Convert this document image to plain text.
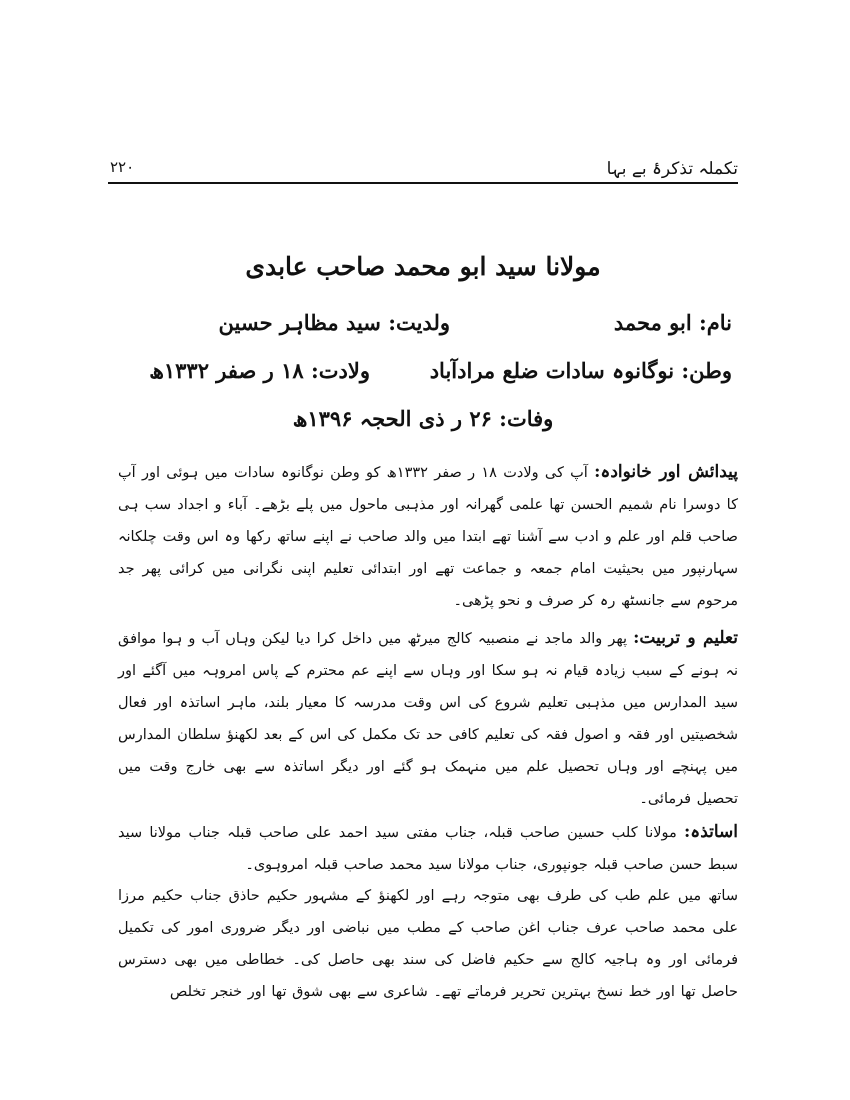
تکملہ تذکرۂ بے بہا
۲۲۰
مولانا سید ابو محمد صاحب عابدی
نام: ابو محمد
ولدیت: سید مظاہر حسین
وطن: نوگانوہ سادات ضلع مرادآباد
ولادت: ۱۸ ر صفر ۱۳۳۲ھ
وفات: ۲۶ ر ذی الحجہ ۱۳۹۶ھ
پیدائش اور خانوادہ: آپ کی ولادت ۱۸ ر صفر ۱۳۳۲ھ کو وطن نوگانوہ سادات میں ہوئی اور آپ کا دوسرا نام شمیم الحسن تھا علمی گھرانہ اور مذہبی ماحول میں پلے بڑھے۔ آباء و اجداد سب ہی صاحب قلم اور علم و ادب سے آشنا تھے ابتدا میں والد صاحب نے اپنے ساتھ رکھا وہ اس وقت چلکانہ سہارنپور میں بحیثیت امام جمعہ و جماعت تھے اور ابتدائی تعلیم اپنی نگرانی میں کرائی پھر جد مرحوم سے جانسٹھ رہ کر صرف و نحو پڑھی۔
تعلیم و تربیت: پھر والد ماجد نے منصبیہ کالج میرٹھ میں داخل کرا دیا لیکن وہاں آب و ہوا موافق نہ ہونے کے سبب زیادہ قیام نہ ہو سکا اور وہاں سے اپنے عم محترم کے پاس امروہہ میں آگئے اور سید المدارس میں مذہبی تعلیم شروع کی اس وقت مدرسہ کا معیار بلند، ماہر اساتذہ اور فعال شخصیتیں اور فقہ و اصول فقہ کی تعلیم کافی حد تک مکمل کی اس کے بعد لکھنؤ سلطان المدارس میں پہنچے اور وہاں تحصیل علم میں منہمک ہو گئے اور دیگر اساتذہ سے بھی خارج وقت میں تحصیل فرمائی۔
اساتذہ: مولانا کلب حسین صاحب قبلہ، جناب مفتی سید احمد علی صاحب قبلہ جناب مولانا سید سبط حسن صاحب قبلہ جونپوری، جناب مولانا سید محمد صاحب قبلہ امروہوی۔
ساتھ میں علم طب کی طرف بھی متوجہ رہے اور لکھنؤ کے مشہور حکیم حاذق جناب حکیم مرزا علی محمد صاحب عرف جناب اغن صاحب کے مطب میں نباضی اور دیگر ضروری امور کی تکمیل فرمائی اور وہ ہاجیہ کالج سے حکیم فاضل کی سند بھی حاصل کی۔ خطاطی میں بھی دسترس حاصل تھا اور خط نسخ بہترین تحریر فرماتے تھے۔ شاعری سے بھی شوق تھا اور خنجر تخلص
